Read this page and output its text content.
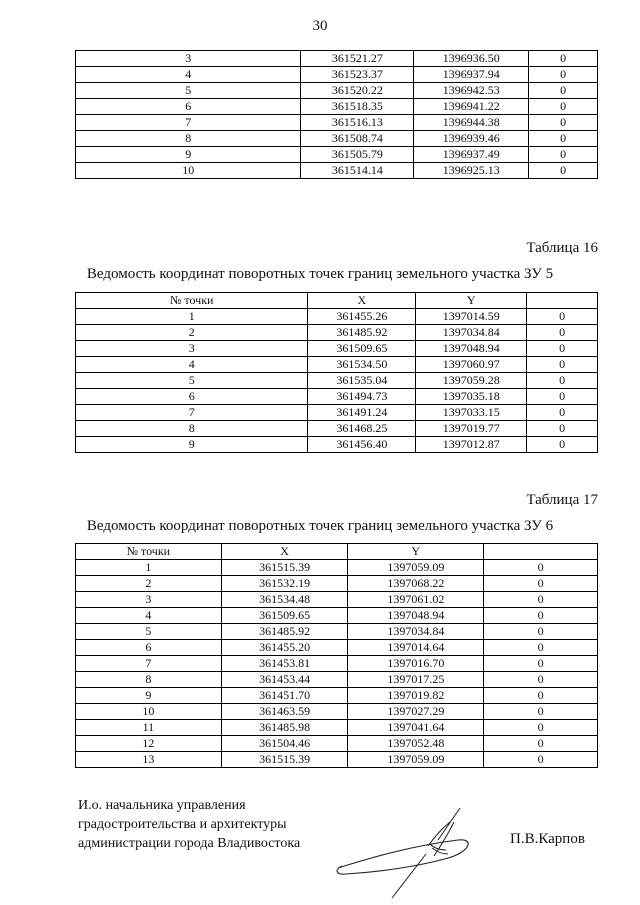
30
3	361521.27	1396936.50	0
4	361523.37	1396937.94	0
5	361520.22	1396942.53	0
6	361518.35	1396941.22	0
7	361516.13	1396944.38	0
8	361508.74	1396939.46	0
9	361505.79	1396937.49	0
10	361514.14	1396925.13	0
Таблица 16
Ведомость координат поворотных точек границ земельного участка ЗУ 5
№ точки	X	Y	
1	361455.26	1397014.59	0
2	361485.92	1397034.84	0
3	361509.65	1397048.94	0
4	361534.50	1397060.97	0
5	361535.04	1397059.28	0
6	361494.73	1397035.18	0
7	361491.24	1397033.15	0
8	361468.25	1397019.77	0
9	361456.40	1397012.87	0
Таблица 17
Ведомость координат поворотных точек границ земельного участка ЗУ 6
№ точки	X	Y	
1	361515.39	1397059.09	0
2	361532.19	1397068.22	0
3	361534.48	1397061.02	0
4	361509.65	1397048.94	0
5	361485.92	1397034.84	0
6	361455.20	1397014.64	0
7	361453.81	1397016.70	0
8	361453.44	1397017.25	0
9	361451.70	1397019.82	0
10	361463.59	1397027.29	0
11	361485.98	1397041.64	0
12	361504.46	1397052.48	0
13	361515.39	1397059.09	0
И.о. начальника управления
градостроительства и архитектуры
администрации города Владивостока	П.В.Карпов
